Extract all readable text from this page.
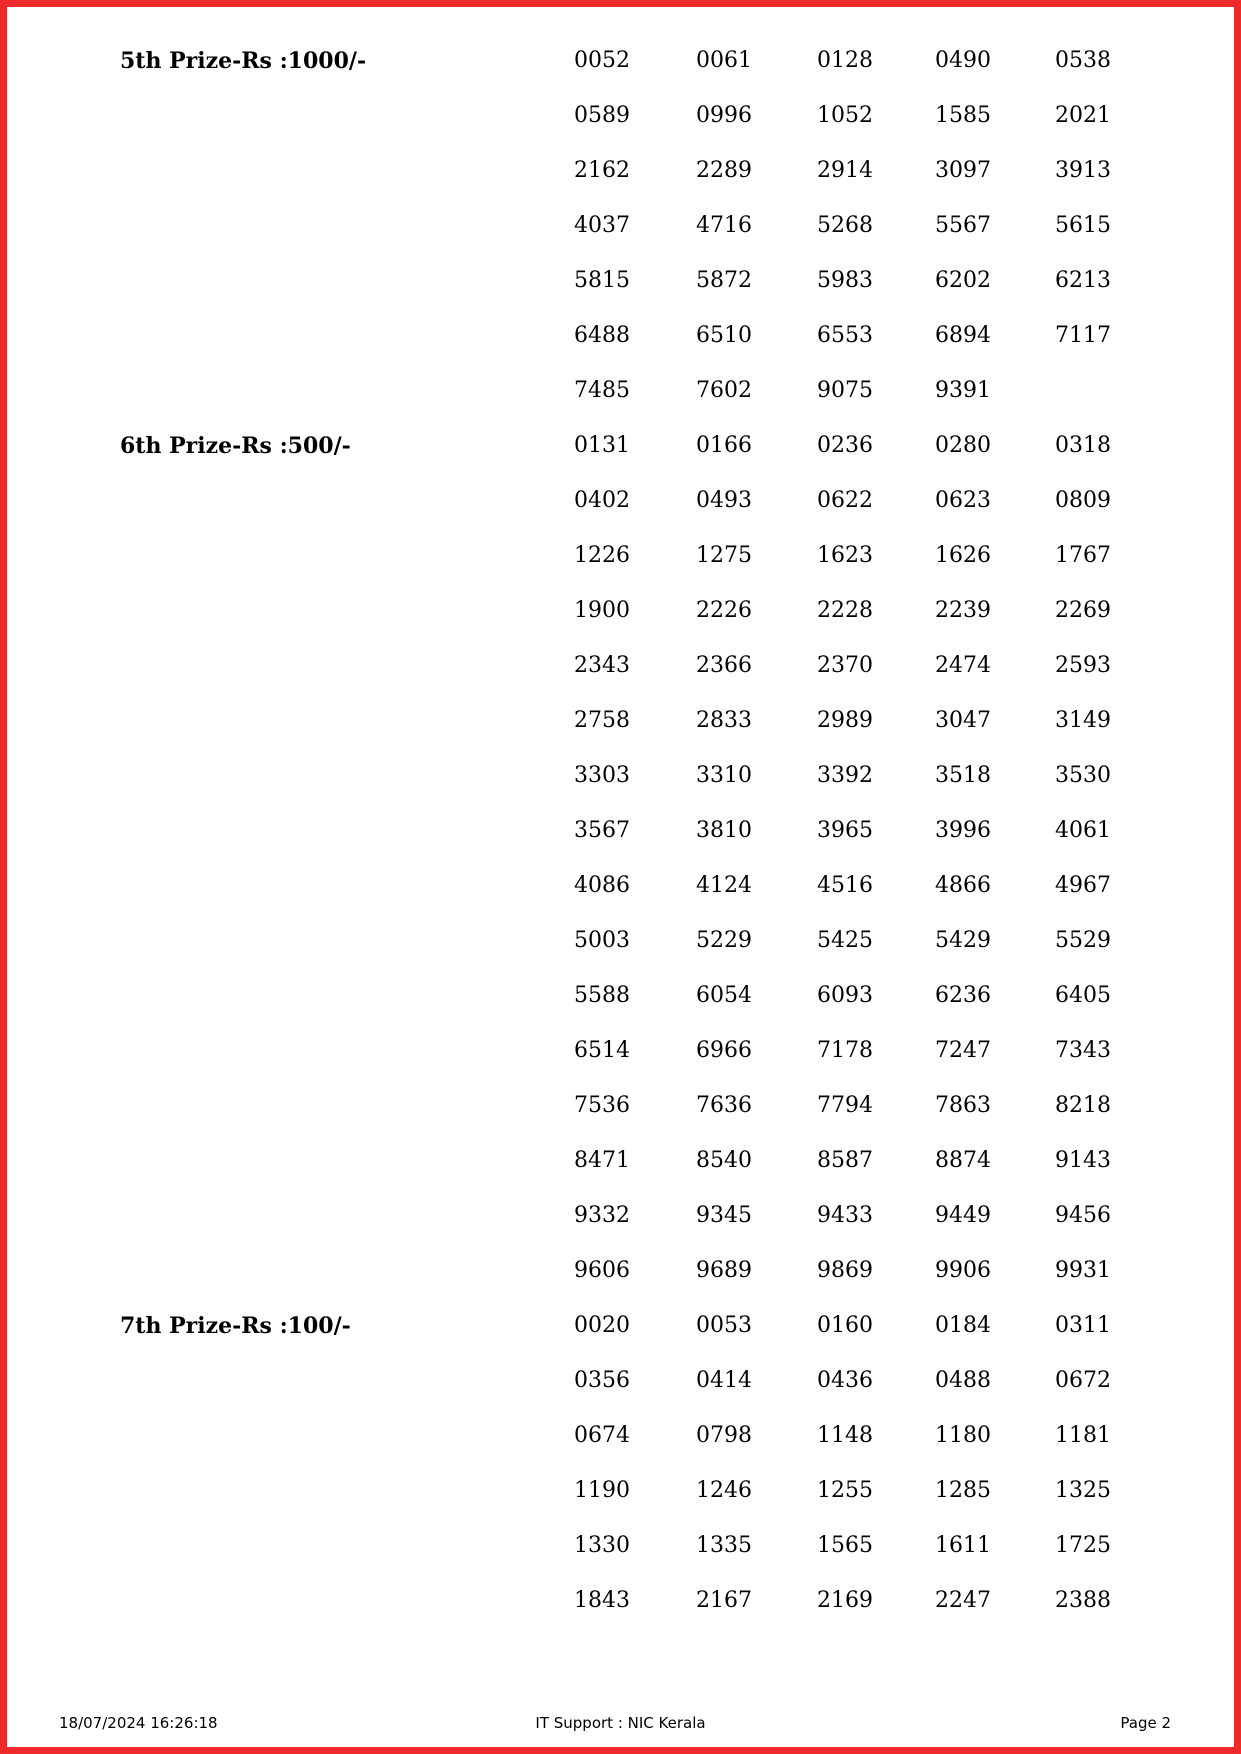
5th Prize-Rs :1000/-	0052	0061	0128	0490	0538
0589	0996	1052	1585	2021
2162	2289	2914	3097	3913
4037	4716	5268	5567	5615
5815	5872	5983	6202	6213
6488	6510	6553	6894	7117
7485	7602	9075	9391
6th Prize-Rs :500/-	0131	0166	0236	0280	0318
0402	0493	0622	0623	0809
1226	1275	1623	1626	1767
1900	2226	2228	2239	2269
2343	2366	2370	2474	2593
2758	2833	2989	3047	3149
3303	3310	3392	3518	3530
3567	3810	3965	3996	4061
4086	4124	4516	4866	4967
5003	5229	5425	5429	5529
5588	6054	6093	6236	6405
6514	6966	7178	7247	7343
7536	7636	7794	7863	8218
8471	8540	8587	8874	9143
9332	9345	9433	9449	9456
9606	9689	9869	9906	9931
7th Prize-Rs :100/-	0020	0053	0160	0184	0311
0356	0414	0436	0488	0672
0674	0798	1148	1180	1181
1190	1246	1255	1285	1325
1330	1335	1565	1611	1725
1843	2167	2169	2247	2388
18/07/2024 16:26:18	IT Support : NIC Kerala	Page 2
